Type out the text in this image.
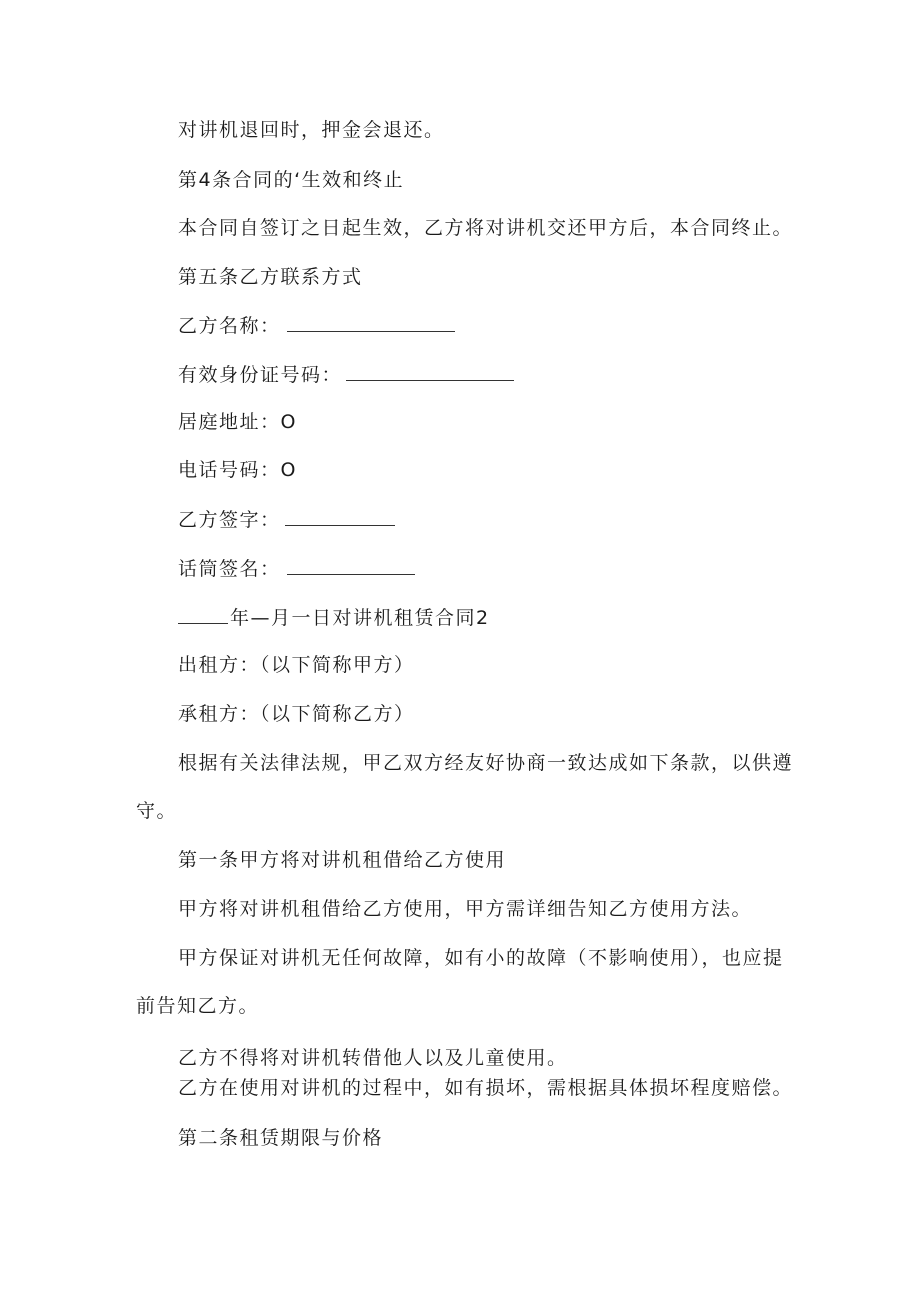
对讲机退回时，押金会退还。
第4条合同的‘生效和终止
本合同自签订之日起生效，乙方将对讲机交还甲方后，本合同终止。
第五条乙方联系方式
乙方名称：
有效身份证号码：
居庭地址：O
电话号码：O
乙方签字：
话筒签名：
年—月一日对讲机租赁合同2
出租方：（以下简称甲方）
承租方：（以下简称乙方）
根据有关法律法规，甲乙双方经友好协商一致达成如下条款，以供遵
守。
第一条甲方将对讲机租借给乙方使用
甲方将对讲机租借给乙方使用，甲方需详细告知乙方使用方法。
甲方保证对讲机无任何故障，如有小的故障（不影响使用），也应提
前告知乙方。
乙方不得将对讲机转借他人以及儿童使用。
乙方在使用对讲机的过程中，如有损坏，需根据具体损坏程度赔偿。
第二条租赁期限与价格
